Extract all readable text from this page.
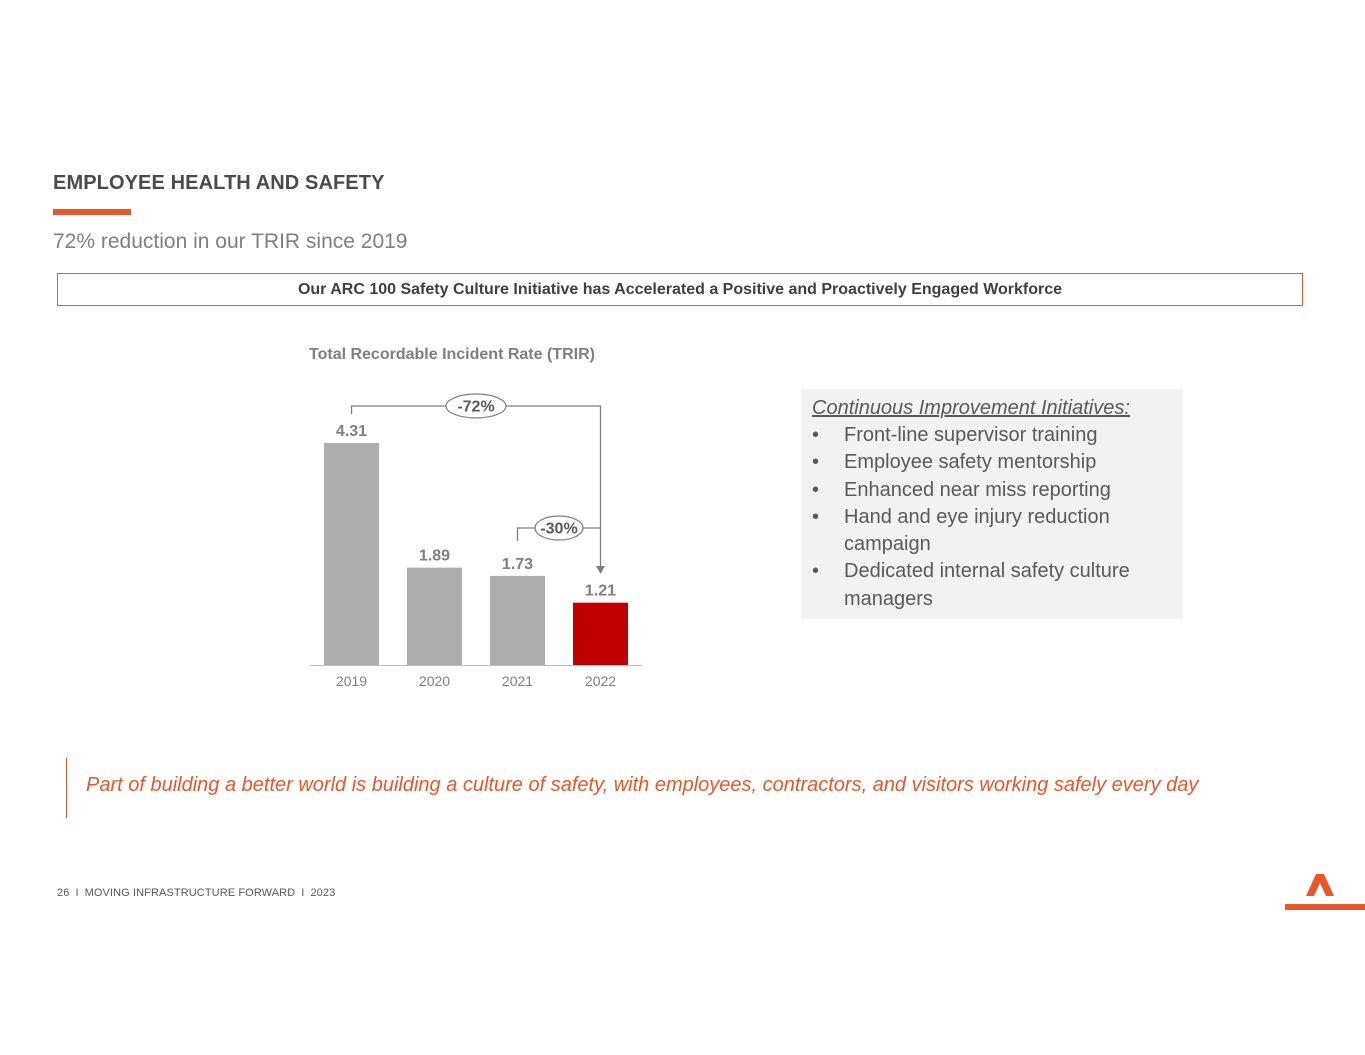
EMPLOYEE HEALTH AND SAFETY
72% reduction in our TRIR since 2019
Our ARC 100 Safety Culture Initiative has Accelerated a Positive and Proactively Engaged Workforce
Total Recordable Incident Rate (TRIR)
4.31
2019
1.89
2020
1.73
2021
1.21
2022
-72%
-30%
Continuous Improvement Initiatives:
• Front-line supervisor training
• Employee safety mentorship
• Enhanced near miss reporting
• Hand and eye injury reduction campaign
• Dedicated internal safety culture managers
Part of building a better world is building a culture of safety, with employees, contractors, and visitors working safely every day
26 I MOVING INFRASTRUCTURE FORWARD I 2023
